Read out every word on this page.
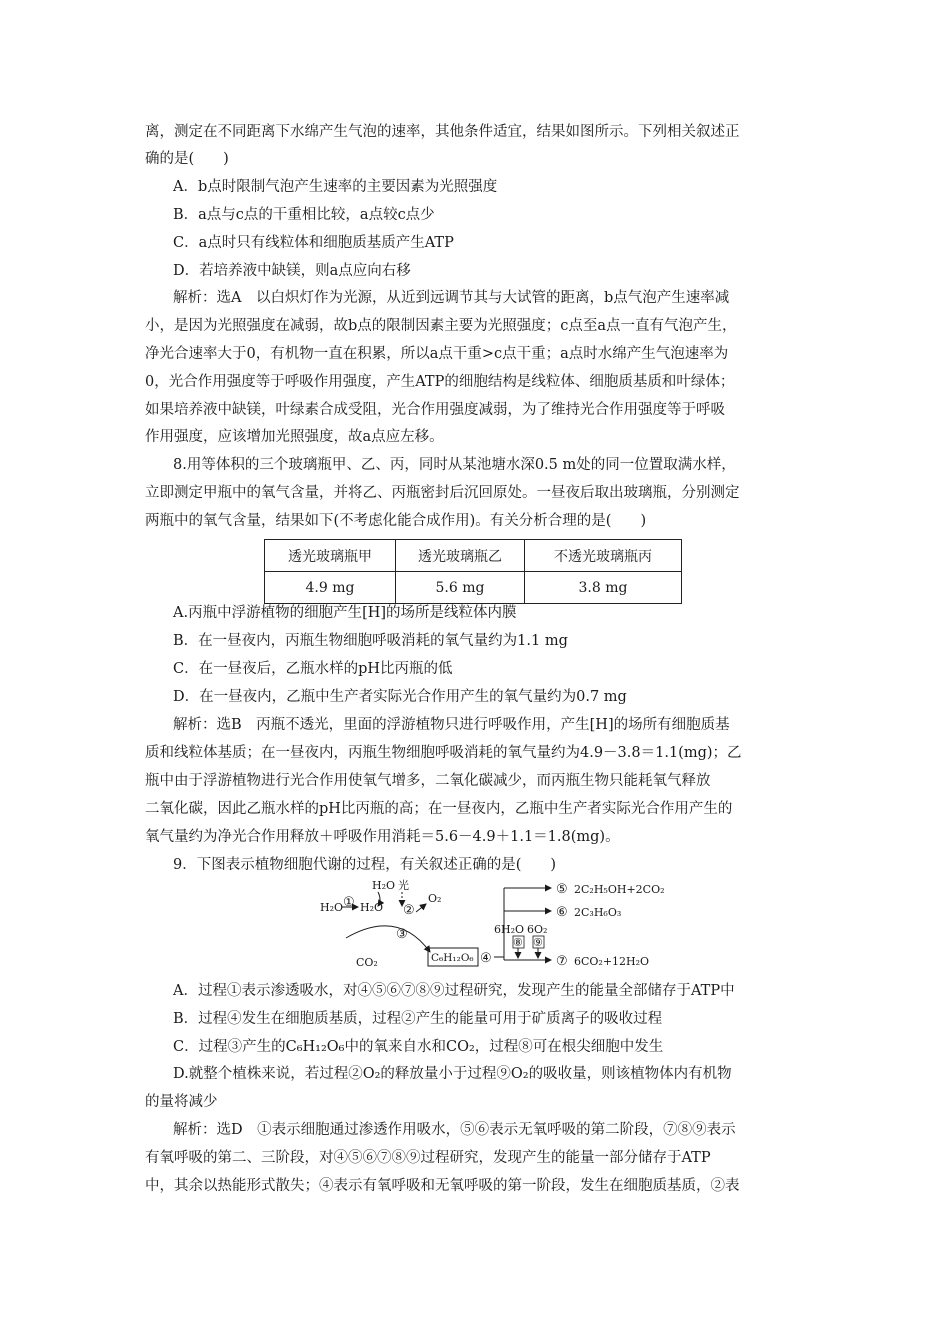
离，测定在不同距离下水绵产生气泡的速率，其他条件适宜，结果如图所示。下列相关叙述正
确的是(　　)
A．b点时限制气泡产生速率的主要因素为光照强度
B．a点与c点的干重相比较，a点较c点少
C．a点时只有线粒体和细胞质基质产生ATP
D．若培养液中缺镁，则a点应向右移
解析：选A　以白炽灯作为光源，从近到远调节其与大试管的距离，b点气泡产生速率减
小，是因为光照强度在减弱，故b点的限制因素主要为光照强度；c点至a点一直有气泡产生，
净光合速率大于0，有机物一直在积累，所以a点干重>c点干重；a点时水绵产生气泡速率为
0，光合作用强度等于呼吸作用强度，产生ATP的细胞结构是线粒体、细胞质基质和叶绿体；
如果培养液中缺镁，叶绿素合成受阻，光合作用强度减弱，为了维持光合作用强度等于呼吸
作用强度，应该增加光照强度，故a点应左移。
8.用等体积的三个玻璃瓶甲、乙、丙，同时从某池塘水深0.5 m处的同一位置取满水样，
立即测定甲瓶中的氧气含量，并将乙、丙瓶密封后沉回原处。一昼夜后取出玻璃瓶，分别测定
两瓶中的氧气含量，结果如下(不考虑化能合成作用)。有关分析合理的是(　　)
透光玻璃瓶甲	透光玻璃瓶乙	不透光玻璃瓶丙
4.9 mg	5.6 mg	3.8 mg
A.丙瓶中浮游植物的细胞产生[H]的场所是线粒体内膜
B．在一昼夜内，丙瓶生物细胞呼吸消耗的氧气量约为1.1 mg
C．在一昼夜后，乙瓶水样的pH比丙瓶的低
D．在一昼夜内，乙瓶中生产者实际光合作用产生的氧气量约为0.7 mg
解析：选B　丙瓶不透光，里面的浮游植物只进行呼吸作用，产生[H]的场所有细胞质基
质和线粒体基质；在一昼夜内，丙瓶生物细胞呼吸消耗的氧气量约为4.9－3.8＝1.1(mg)；乙
瓶中由于浮游植物进行光合作用使氧气增多，二氧化碳减少，而丙瓶生物只能耗氧气释放
二氧化碳，因此乙瓶水样的pH比丙瓶的高；在一昼夜内，乙瓶中生产者实际光合作用产生的
氧气量约为净光合作用释放＋呼吸作用消耗＝5.6－4.9＋1.1＝1.8(mg)。
9．下图表示植物细胞代谢的过程，有关叙述正确的是(　　)
H₂O ① H₂O
H₂O 光
②
O₂
③
CO₂	C₆H₁₂O₆ ④
6H₂O 6O₂
⑧ ⑨
⑤ 2C₂H₅OH+2CO₂
⑥ 2C₃H₆O₃
⑦ 6CO₂+12H₂O
A．过程①表示渗透吸水，对④⑤⑥⑦⑧⑨过程研究，发现产生的能量全部储存于ATP中
B．过程④发生在细胞质基质，过程②产生的能量可用于矿质离子的吸收过程
C．过程③产生的C₆H₁₂O₆中的氧来自水和CO₂，过程⑧可在根尖细胞中发生
D.就整个植株来说，若过程②O₂的释放量小于过程⑨O₂的吸收量，则该植物体内有机物
的量将减少
解析：选D　①表示细胞通过渗透作用吸水，⑤⑥表示无氧呼吸的第二阶段，⑦⑧⑨表示
有氧呼吸的第二、三阶段，对④⑤⑥⑦⑧⑨过程研究，发现产生的能量一部分储存于ATP
中，其余以热能形式散失；④表示有氧呼吸和无氧呼吸的第一阶段，发生在细胞质基质，②表
